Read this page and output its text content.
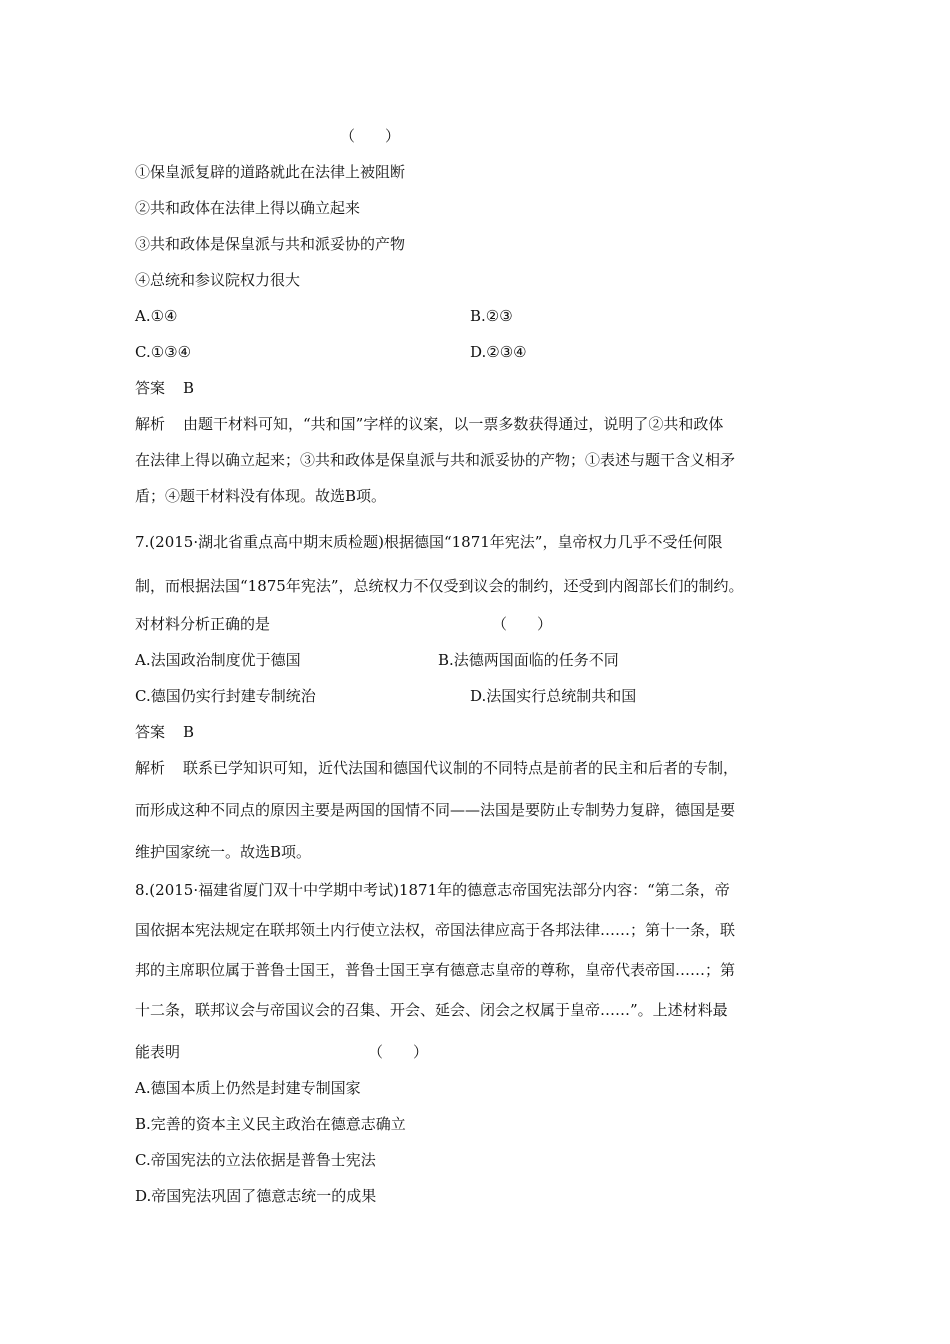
（　　）
①保皇派复辟的道路就此在法律上被阻断
②共和政体在法律上得以确立起来
③共和政体是保皇派与共和派妥协的产物
④总统和参议院权力很大
A.①④	B.②③
C.①③④	D.②③④
答案 B
解析 由题干材料可知，“共和国”字样的议案，以一票多数获得通过，说明了②共和政体
在法律上得以确立起来；③共和政体是保皇派与共和派妥协的产物；①表述与题干含义相矛
盾；④题干材料没有体现。故选B项。
7.(2015·湖北省重点高中期末质检题)根据德国“1871年宪法”，皇帝权力几乎不受任何限
制，而根据法国“1875年宪法”，总统权力不仅受到议会的制约，还受到内阁部长们的制约。
对材料分析正确的是	（　　）
A.法国政治制度优于德国	B.法德两国面临的任务不同
C.德国仍实行封建专制统治	D.法国实行总统制共和国
答案 B
解析 联系已学知识可知，近代法国和德国代议制的不同特点是前者的民主和后者的专制，
而形成这种不同点的原因主要是两国的国情不同——法国是要防止专制势力复辟，德国是要
维护国家统一。故选B项。
8.(2015·福建省厦门双十中学期中考试)1871年的德意志帝国宪法部分内容：“第二条，帝
国依据本宪法规定在联邦领土内行使立法权，帝国法律应高于各邦法律……；第十一条，联
邦的主席职位属于普鲁士国王，普鲁士国王享有德意志皇帝的尊称，皇帝代表帝国……；第
十二条，联邦议会与帝国议会的召集、开会、延会、闭会之权属于皇帝……”。上述材料最
能表明	（　　）
A.德国本质上仍然是封建专制国家
B.完善的资本主义民主政治在德意志确立
C.帝国宪法的立法依据是普鲁士宪法
D.帝国宪法巩固了德意志统一的成果
